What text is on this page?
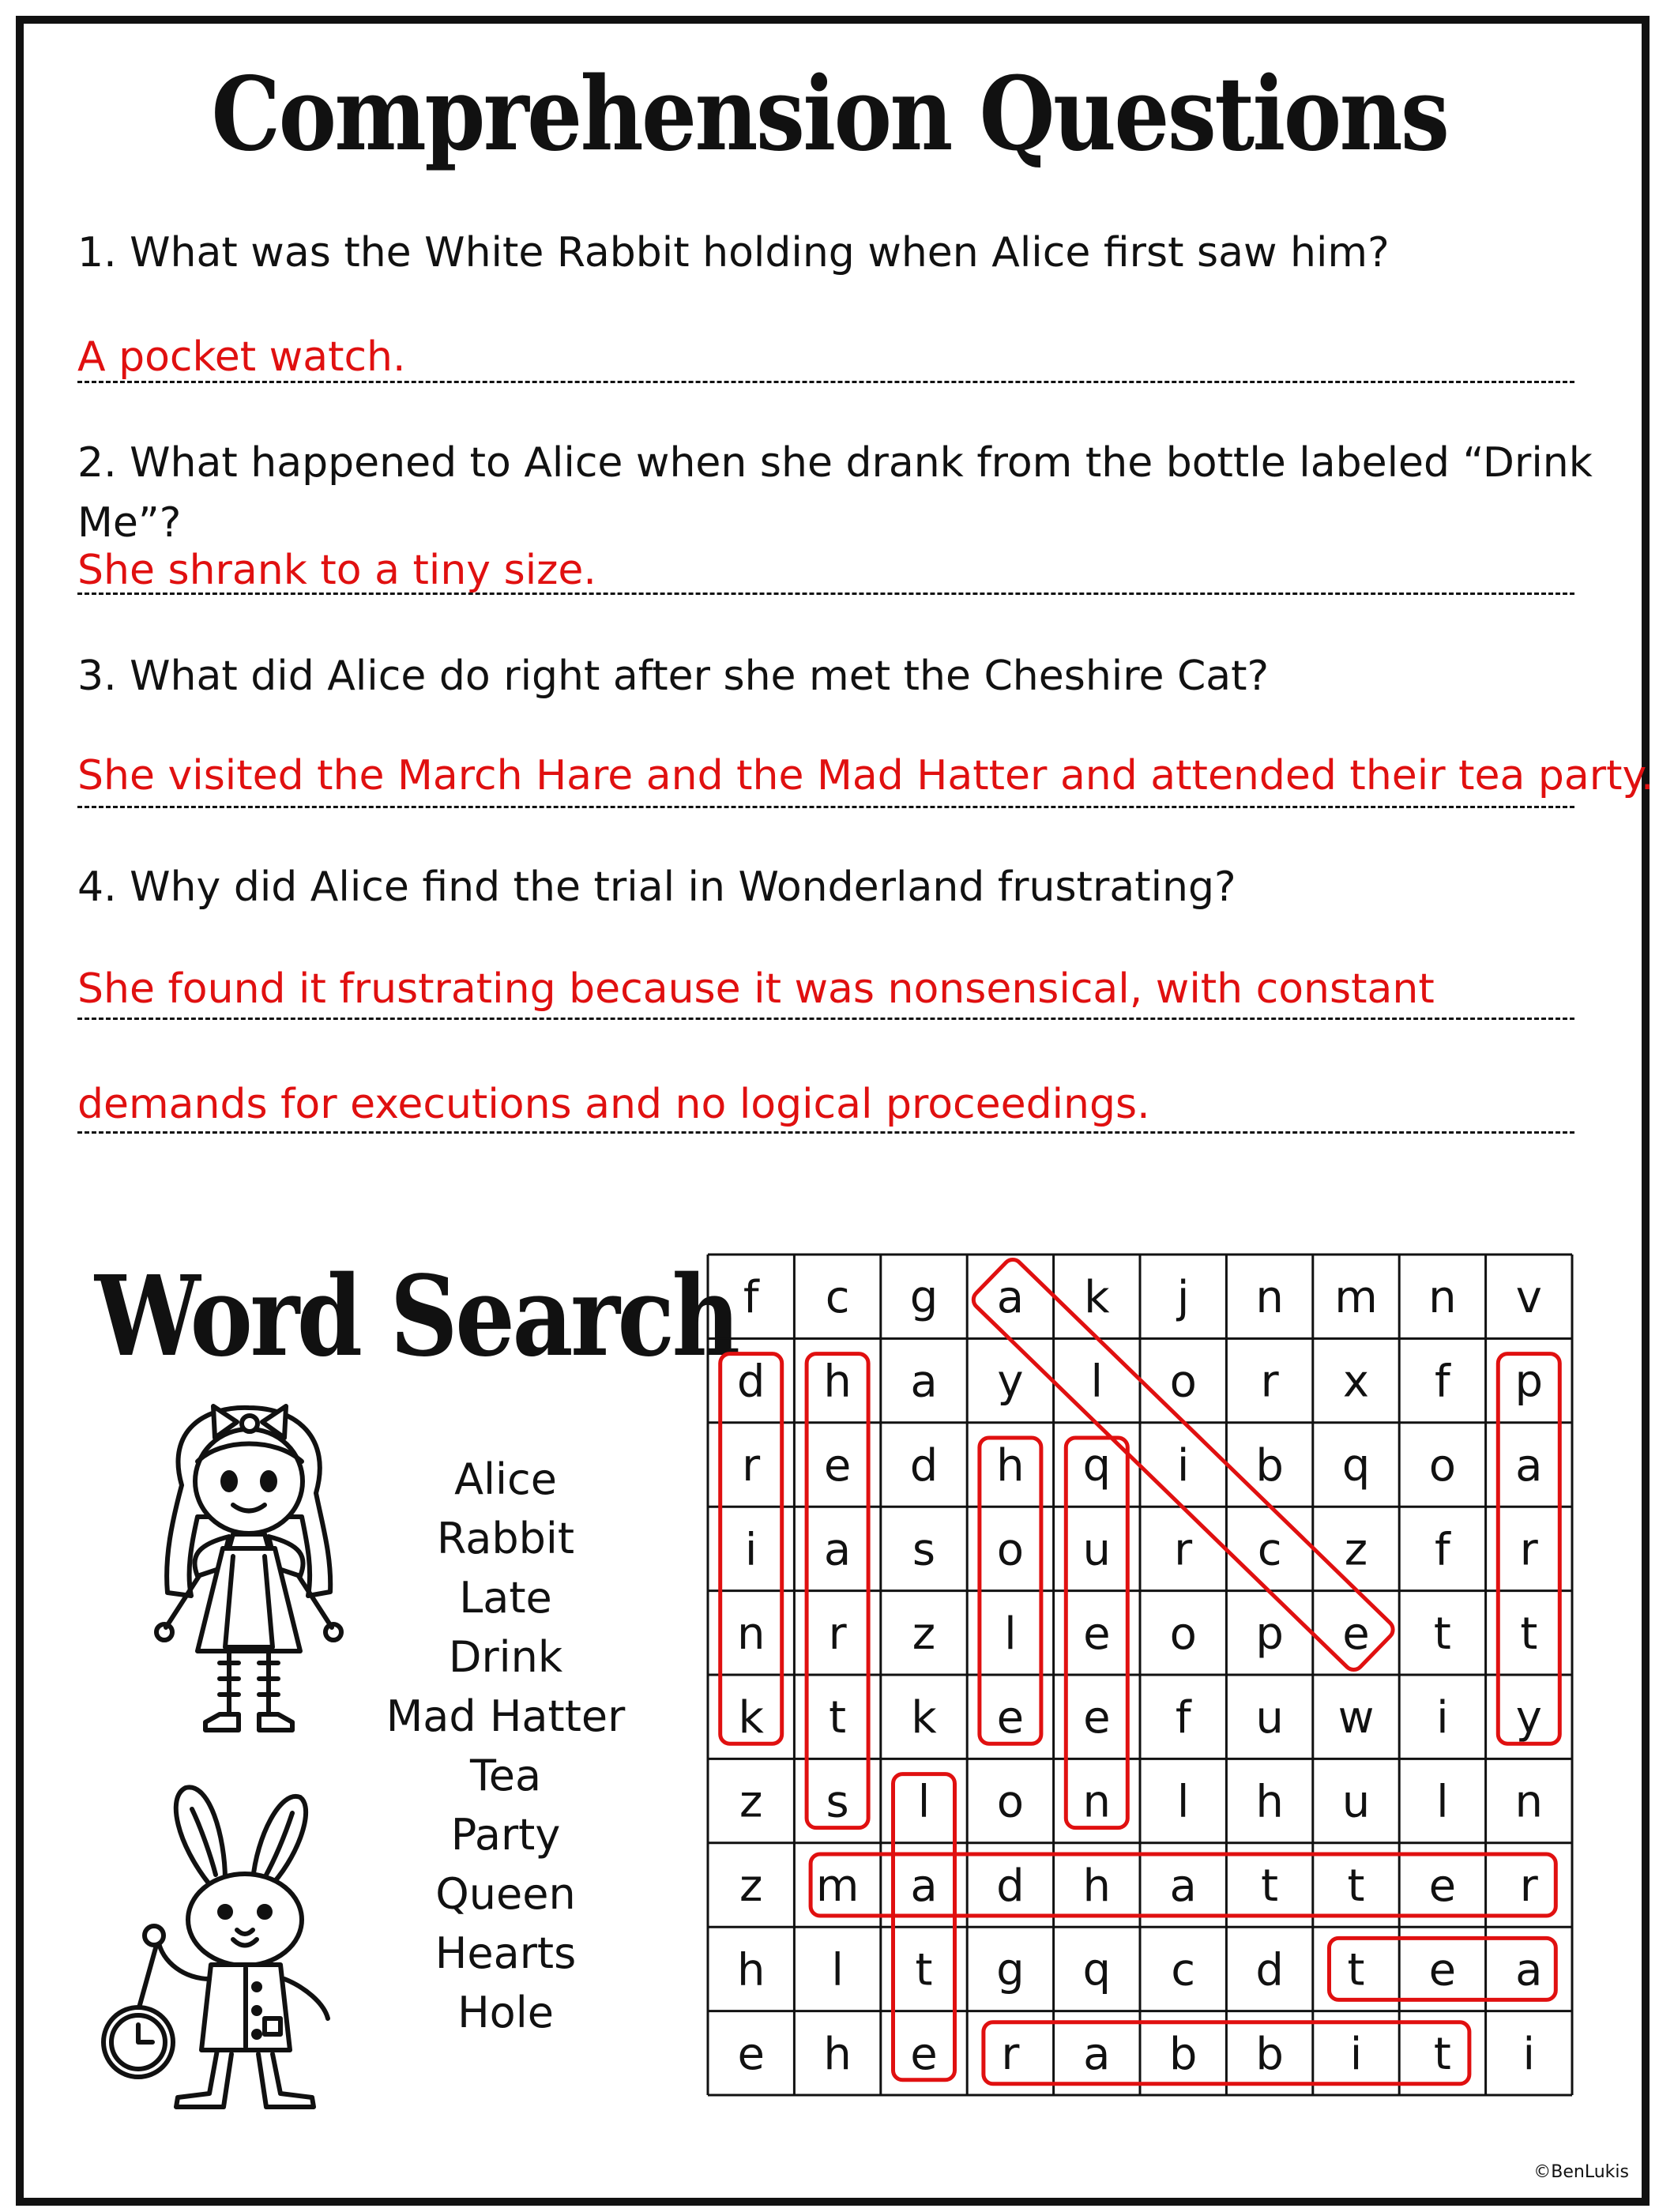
Comprehension Questions
1. What was the White Rabbit holding when Alice first saw him?
A pocket watch.
2. What happened to Alice when she drank from the bottle labeled “Drink Me”?
She shrank to a tiny size.
3. What did Alice do right after she met the Cheshire Cat?
She visited the March Hare and the Mad Hatter and attended their tea party.
4. Why did Alice find the trial in Wonderland frustrating?
She found it frustrating because it was nonsensical, with constant
demands for executions and no logical proceedings.
Word Search
Alice
Rabbit
Late
Drink
Mad Hatter
Tea
Party
Queen
Hearts
Hole
f c g a k j n m n v
d h a y l o r x f p
r e d h q i b q o a
i a s o u r c z f r
n r z l e o p e t t
k t k e e f u w i y
z s l o n l h u l n
z m a d h a t t e r
h l t g q c d t e a
e h e r a b b i t i
©BenLukis
